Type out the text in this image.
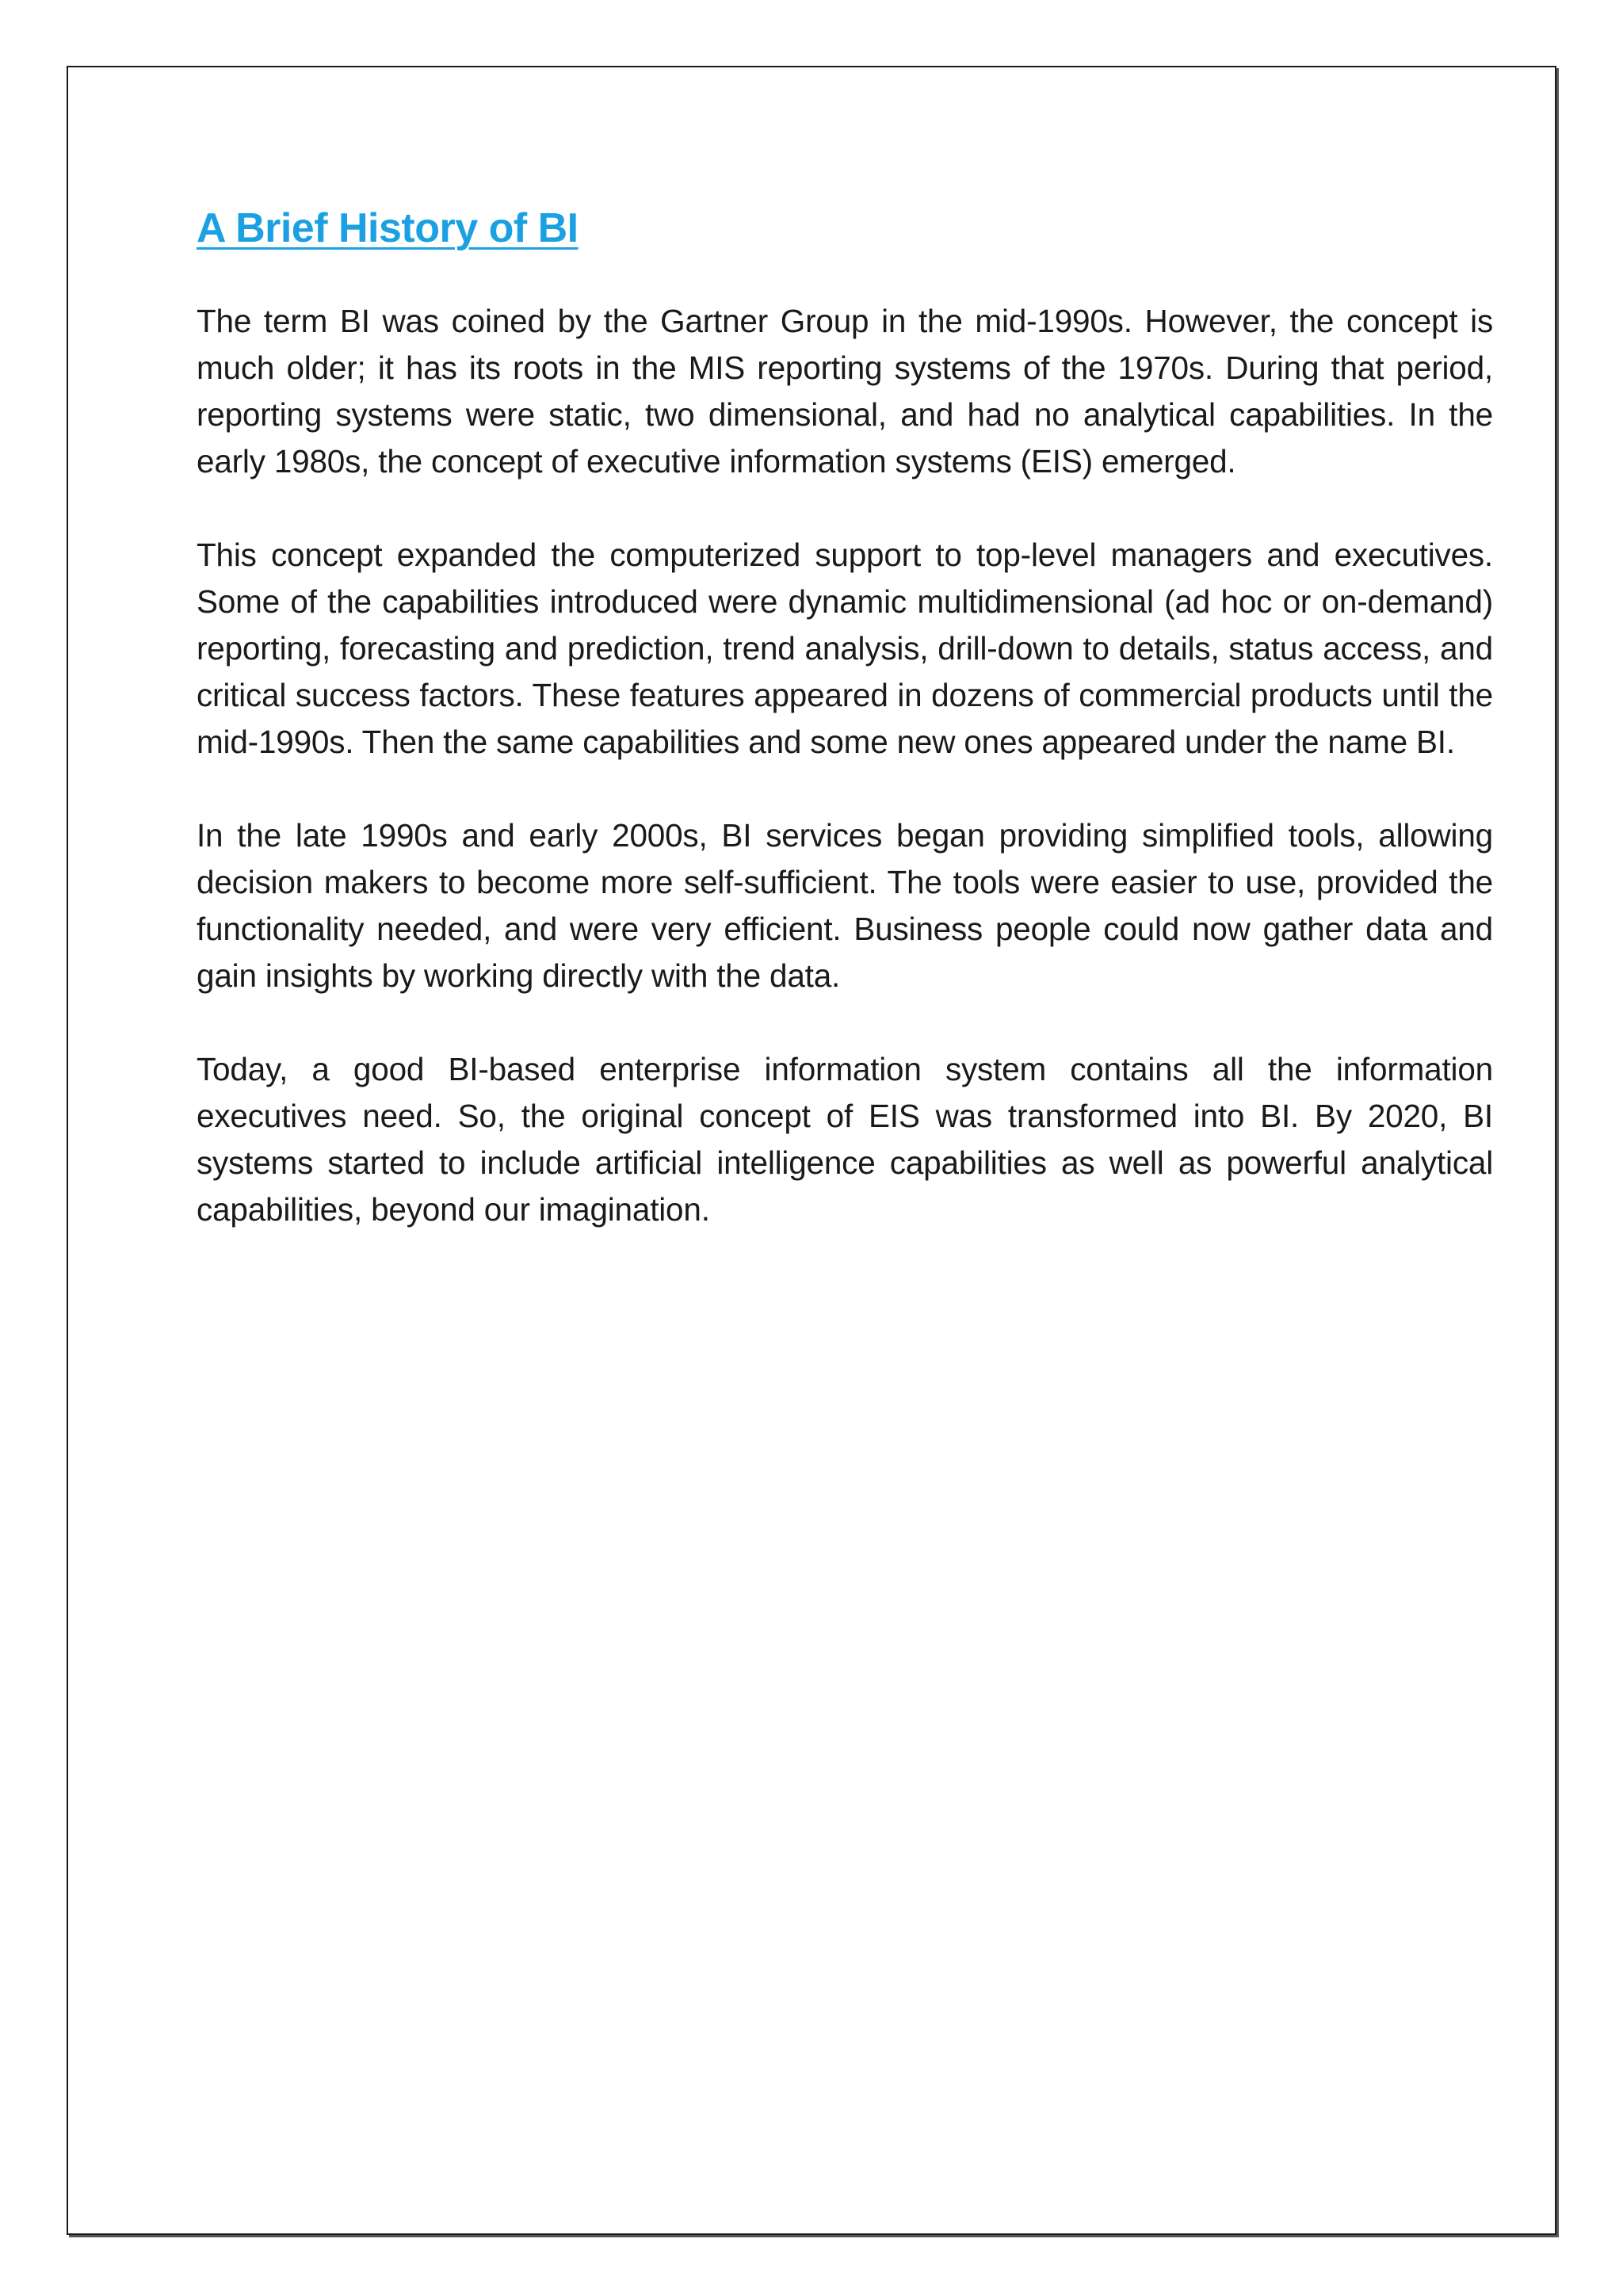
A Brief History of BI

The term BI was coined by the Gartner Group in the mid-1990s. However, the concept is much older; it has its roots in the MIS reporting systems of the 1970s. During that period, reporting systems were static, two dimensional, and had no analytical capabilities. In the early 1980s, the concept of executive information systems (EIS) emerged.

This concept expanded the computerized support to top-level managers and executives. Some of the capabilities introduced were dynamic multidimensional (ad hoc or on-demand) reporting, forecasting and prediction, trend analysis, drill-down to details, status access, and critical success factors. These features appeared in dozens of commercial products until the mid-1990s. Then the same capabilities and some new ones appeared under the name BI.

In the late 1990s and early 2000s, BI services began providing simplified tools, allowing decision makers to become more self-sufficient. The tools were easier to use, provided the functionality needed, and were very efficient. Business people could now gather data and gain insights by working directly with the data.

Today, a good BI-based enterprise information system contains all the information executives need. So, the original concept of EIS was transformed into BI. By 2020, BI systems started to include artificial intelligence capabilities as well as powerful analytical capabilities, beyond our imagination.
